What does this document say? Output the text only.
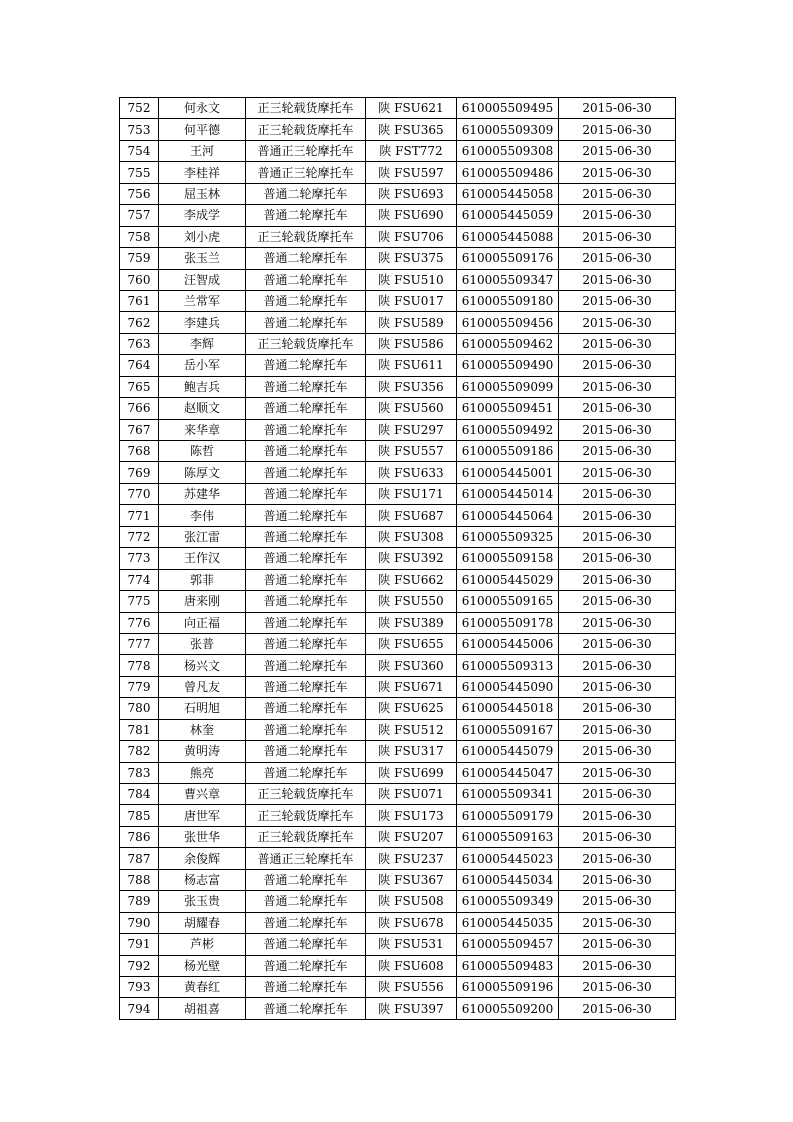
752	何永文	正三轮载货摩托车	陕 FSU621	610005509495	2015-06-30
753	何平德	正三轮载货摩托车	陕 FSU365	610005509309	2015-06-30
754	王河	普通正三轮摩托车	陕 FST772	610005509308	2015-06-30
755	李桂祥	普通正三轮摩托车	陕 FSU597	610005509486	2015-06-30
756	屈玉林	普通二轮摩托车	陕 FSU693	610005445058	2015-06-30
757	李成学	普通二轮摩托车	陕 FSU690	610005445059	2015-06-30
758	刘小虎	正三轮载货摩托车	陕 FSU706	610005445088	2015-06-30
759	张玉兰	普通二轮摩托车	陕 FSU375	610005509176	2015-06-30
760	汪智成	普通二轮摩托车	陕 FSU510	610005509347	2015-06-30
761	兰常军	普通二轮摩托车	陕 FSU017	610005509180	2015-06-30
762	李建兵	普通二轮摩托车	陕 FSU589	610005509456	2015-06-30
763	李辉	正三轮载货摩托车	陕 FSU586	610005509462	2015-06-30
764	岳小军	普通二轮摩托车	陕 FSU611	610005509490	2015-06-30
765	鲍吉兵	普通二轮摩托车	陕 FSU356	610005509099	2015-06-30
766	赵顺文	普通二轮摩托车	陕 FSU560	610005509451	2015-06-30
767	来华章	普通二轮摩托车	陕 FSU297	610005509492	2015-06-30
768	陈哲	普通二轮摩托车	陕 FSU557	610005509186	2015-06-30
769	陈厚文	普通二轮摩托车	陕 FSU633	610005445001	2015-06-30
770	苏建华	普通二轮摩托车	陕 FSU171	610005445014	2015-06-30
771	李伟	普通二轮摩托车	陕 FSU687	610005445064	2015-06-30
772	张江雷	普通二轮摩托车	陕 FSU308	610005509325	2015-06-30
773	王作汉	普通二轮摩托车	陕 FSU392	610005509158	2015-06-30
774	郭菲	普通二轮摩托车	陕 FSU662	610005445029	2015-06-30
775	唐来刚	普通二轮摩托车	陕 FSU550	610005509165	2015-06-30
776	向正福	普通二轮摩托车	陕 FSU389	610005509178	2015-06-30
777	张普	普通二轮摩托车	陕 FSU655	610005445006	2015-06-30
778	杨兴文	普通二轮摩托车	陕 FSU360	610005509313	2015-06-30
779	曾凡友	普通二轮摩托车	陕 FSU671	610005445090	2015-06-30
780	石明旭	普通二轮摩托车	陕 FSU625	610005445018	2015-06-30
781	林奎	普通二轮摩托车	陕 FSU512	610005509167	2015-06-30
782	黄明涛	普通二轮摩托车	陕 FSU317	610005445079	2015-06-30
783	熊亮	普通二轮摩托车	陕 FSU699	610005445047	2015-06-30
784	曹兴章	正三轮载货摩托车	陕 FSU071	610005509341	2015-06-30
785	唐世军	正三轮载货摩托车	陕 FSU173	610005509179	2015-06-30
786	张世华	正三轮载货摩托车	陕 FSU207	610005509163	2015-06-30
787	余俊辉	普通正三轮摩托车	陕 FSU237	610005445023	2015-06-30
788	杨志富	普通二轮摩托车	陕 FSU367	610005445034	2015-06-30
789	张玉贵	普通二轮摩托车	陕 FSU508	610005509349	2015-06-30
790	胡耀春	普通二轮摩托车	陕 FSU678	610005445035	2015-06-30
791	芦彬	普通二轮摩托车	陕 FSU531	610005509457	2015-06-30
792	杨光壁	普通二轮摩托车	陕 FSU608	610005509483	2015-06-30
793	黄春红	普通二轮摩托车	陕 FSU556	610005509196	2015-06-30
794	胡祖喜	普通二轮摩托车	陕 FSU397	610005509200	2015-06-30
